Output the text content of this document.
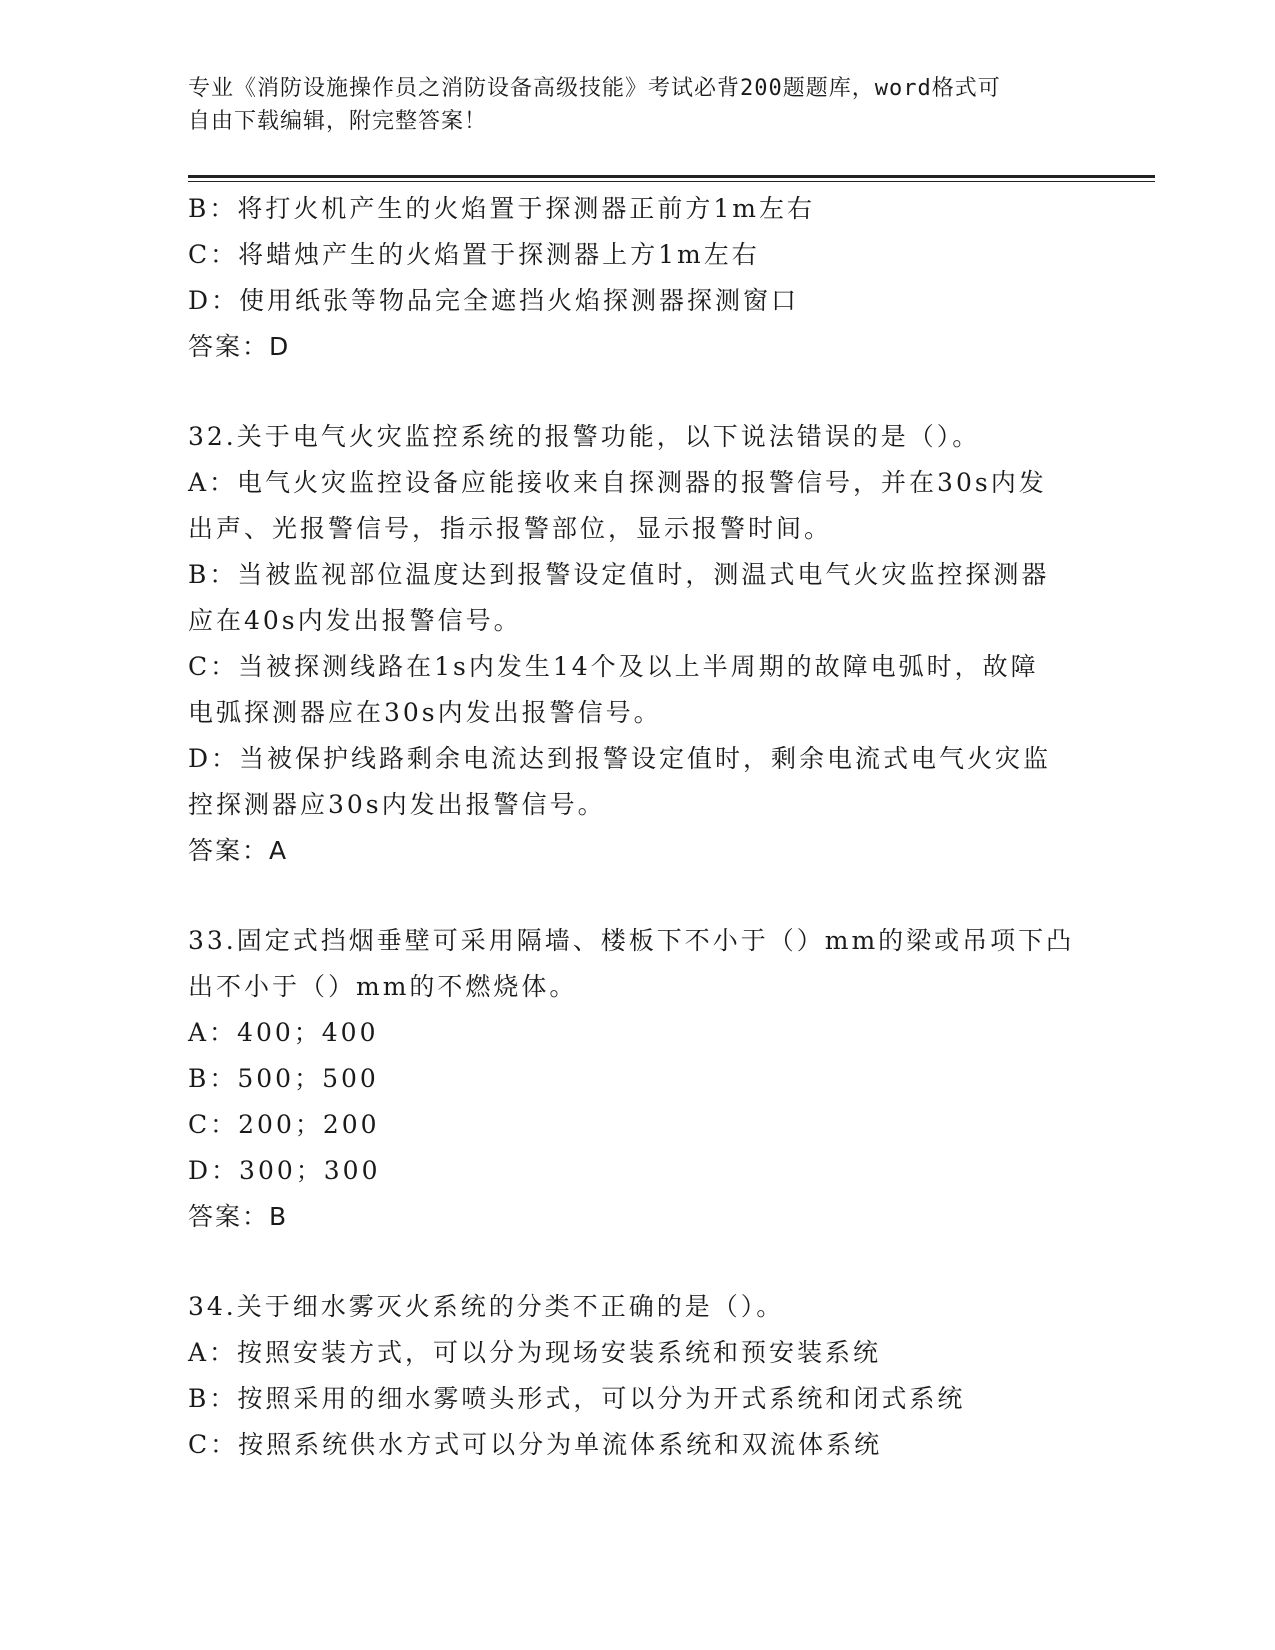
专业《消防设施操作员之消防设备高级技能》考试必背200题题库，word格式可
自由下载编辑，附完整答案！
B：将打火机产生的火焰置于探测器正前方1m左右
C：将蜡烛产生的火焰置于探测器上方1m左右
D：使用纸张等物品完全遮挡火焰探测器探测窗口
答案：D
32.关于电气火灾监控系统的报警功能，以下说法错误的是（）。
A：电气火灾监控设备应能接收来自探测器的报警信号，并在30s内发
出声、光报警信号，指示报警部位，显示报警时间。
B：当被监视部位温度达到报警设定值时，测温式电气火灾监控探测器
应在40s内发出报警信号。
C：当被探测线路在1s内发生14个及以上半周期的故障电弧时，故障
电弧探测器应在30s内发出报警信号。
D：当被保护线路剩余电流达到报警设定值时，剩余电流式电气火灾监
控探测器应30s内发出报警信号。
答案：A
33.固定式挡烟垂壁可采用隔墙、楼板下不小于（）mm的梁或吊项下凸
出不小于（）mm的不燃烧体。
A：400；400
B：500；500
C：200；200
D：300；300
答案：B
34.关于细水雾灭火系统的分类不正确的是（）。
A：按照安装方式，可以分为现场安装系统和预安装系统
B：按照采用的细水雾喷头形式，可以分为开式系统和闭式系统
C：按照系统供水方式可以分为单流体系统和双流体系统
